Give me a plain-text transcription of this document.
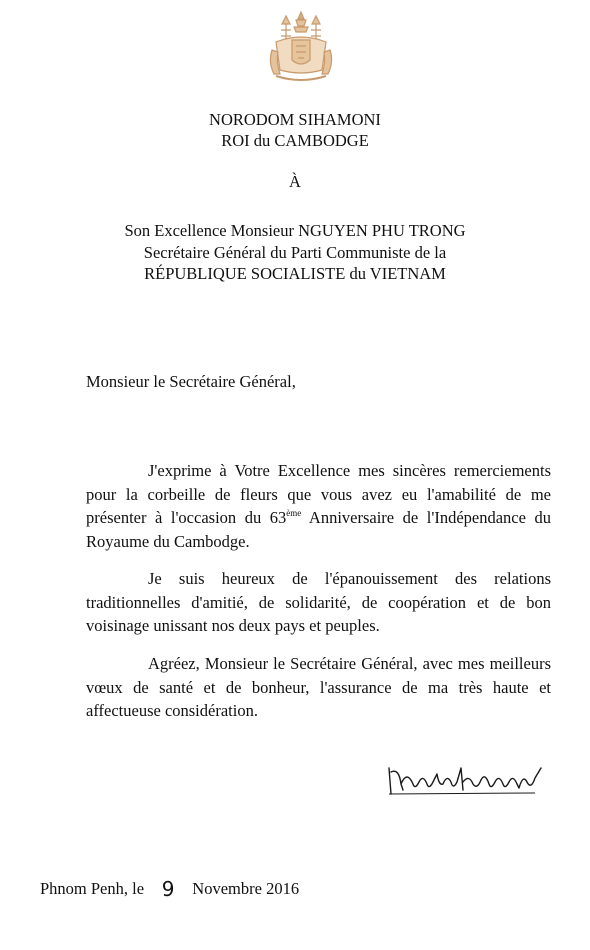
NORODOM SIHAMONI
ROI du CAMBODGE
À
Son Excellence Monsieur NGUYEN PHU TRONG
Secrétaire Général du Parti Communiste de la
RÉPUBLIQUE SOCIALISTE du VIETNAM
Monsieur le Secrétaire Général,

J'exprime à Votre Excellence mes sincères remerciements pour la corbeille de fleurs que vous avez eu l'amabilité de me présenter à l'occasion du 63ème Anniversaire de l'Indépendance du Royaume du Cambodge.

Je suis heureux de l'épanouissement des relations traditionnelles d'amitié, de solidarité, de coopération et de bon voisinage unissant nos deux pays et peuples.

Agréez, Monsieur le Secrétaire Général, avec mes meilleurs vœux de santé et de bonheur, l'assurance de ma très haute et affectueuse considération.

Phnom Penh, le 9 Novembre 2016
